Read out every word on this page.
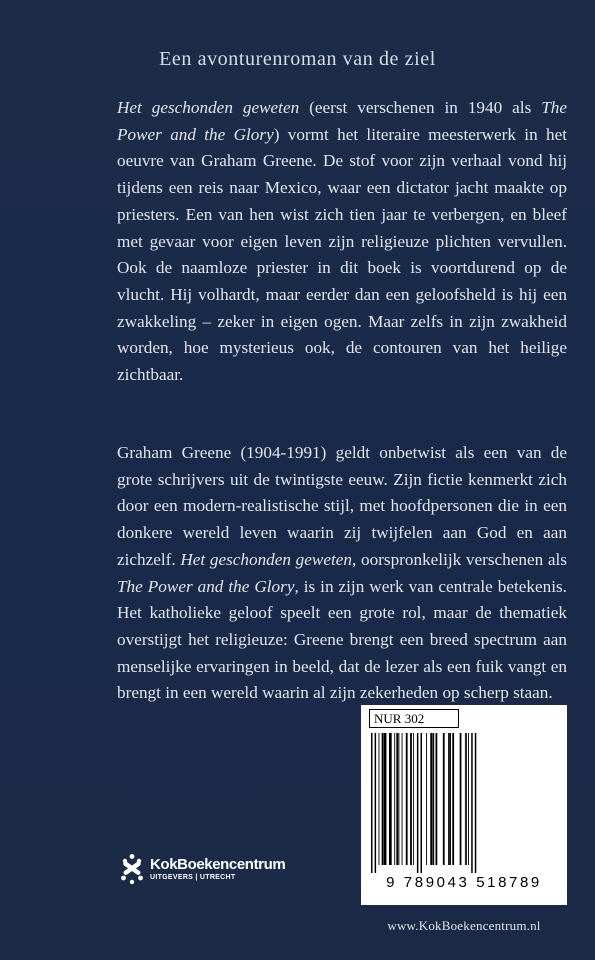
Een avonturenroman van de ziel
Het geschonden geweten (eerst verschenen in 1940 als The Power and the Glory) vormt het literaire meesterwerk in het oeuvre van Graham Greene. De stof voor zijn verhaal vond hij tijdens een reis naar Mexico, waar een dictator jacht maakte op priesters. Een van hen wist zich tien jaar te verbergen, en bleef met gevaar voor eigen leven zijn religieuze plichten vervullen. Ook de naamloze priester in dit boek is voortdurend op de vlucht. Hij volhardt, maar eerder dan een geloofsheld is hij een zwakkeling – zeker in eigen ogen. Maar zelfs in zijn zwakheid worden, hoe mysterieus ook, de contouren van het heilige zichtbaar.
Graham Greene (1904-1991) geldt onbetwist als een van de grote schrijvers uit de twintigste eeuw. Zijn fictie kenmerkt zich door een modern-realistische stijl, met hoofdpersonen die in een donkere wereld leven waarin zij twijfelen aan God en aan zichzelf. Het geschonden geweten, oorspronkelijk verschenen als The Power and the Glory, is in zijn werk van centrale betekenis. Het katholieke geloof speelt een grote rol, maar de thematiek overstijgt het religieuze: Greene brengt een breed spectrum aan menselijke ervaringen in beeld, dat de lezer als een fuik vangt en brengt in een wereld waarin al zijn zekerheden op scherp staan.
KokBoekencentrum
UITGEVERS | UTRECHT
NUR 302
9 789043 518789
www.KokBoekencentrum.nl
